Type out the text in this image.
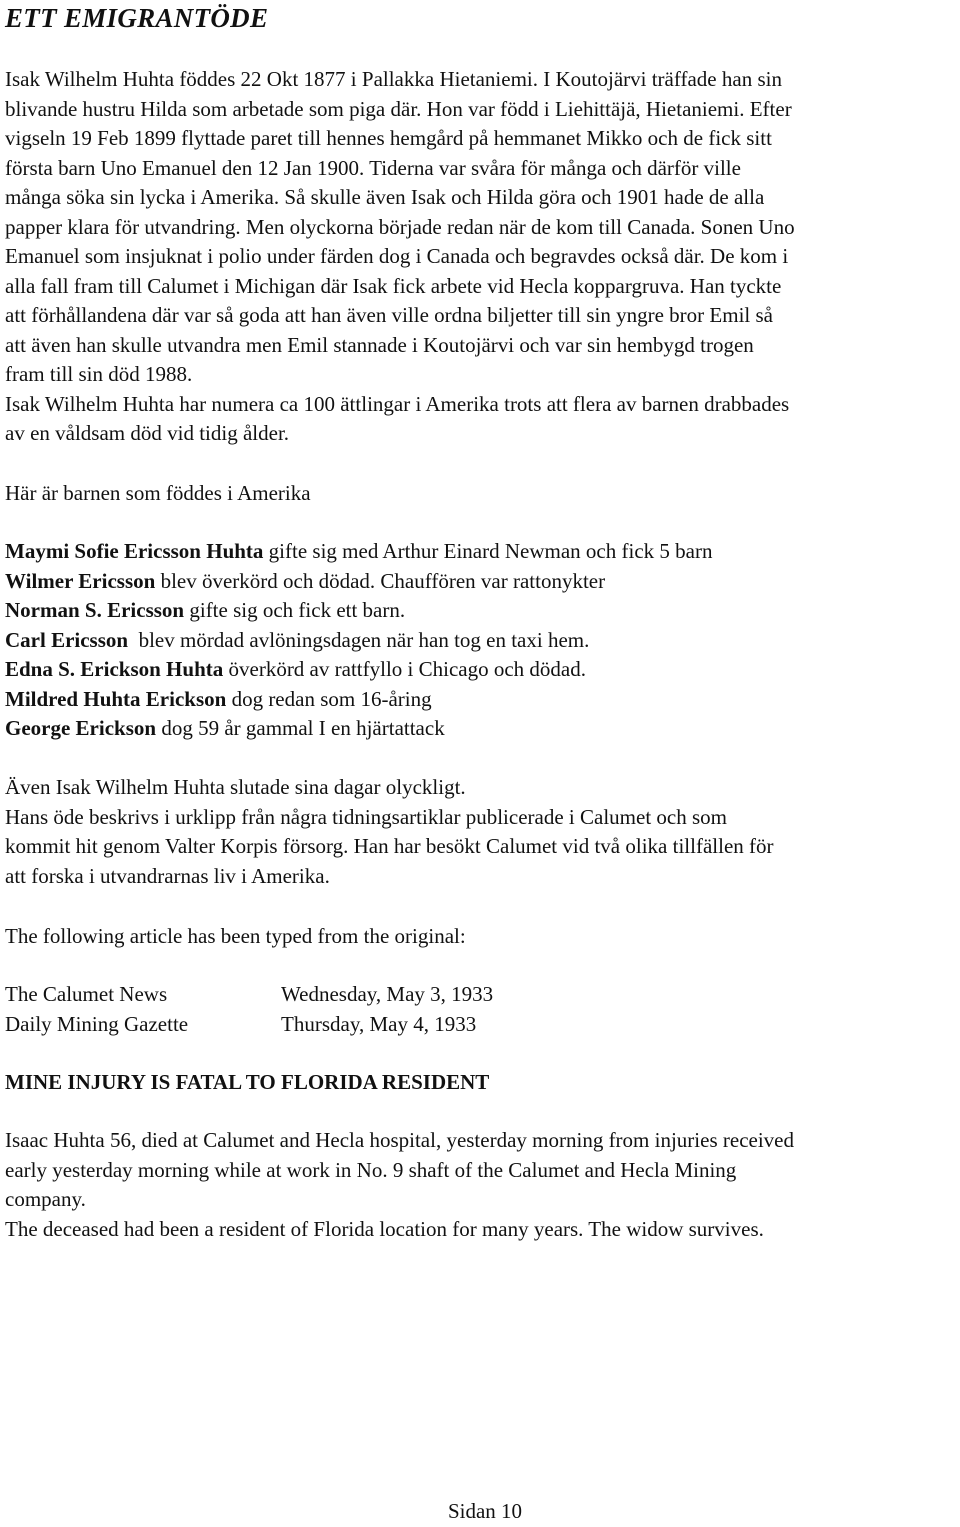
ETT EMIGRANTÖDE
Isak Wilhelm Huhta föddes 22 Okt 1877 i Pallakka Hietaniemi. I Koutojärvi träffade han sin
blivande hustru Hilda som arbetade som piga där. Hon var född i Liehittäjä, Hietaniemi. Efter
vigseln 19 Feb 1899 flyttade paret till hennes hemgård på hemmanet Mikko och de fick sitt
första barn Uno Emanuel den 12 Jan 1900. Tiderna var svåra för många och därför ville
många söka sin lycka i Amerika. Så skulle även Isak och Hilda göra och 1901 hade de alla
papper klara för utvandring. Men olyckorna började redan när de kom till Canada. Sonen Uno
Emanuel som insjuknat i polio under färden dog i Canada och begravdes också där. De kom i
alla fall fram till Calumet i Michigan där Isak fick arbete vid Hecla koppargruva. Han tyckte
att förhållandena där var så goda att han även ville ordna biljetter till sin yngre bror Emil så
att även han skulle utvandra men Emil stannade i Koutojärvi och var sin hembygd trogen
fram till sin död 1988.
Isak Wilhelm Huhta har numera ca 100 ättlingar i Amerika trots att flera av barnen drabbades
av en våldsam död vid tidig ålder.

Här är barnen som föddes i Amerika

Maymi Sofie Ericsson Huhta gifte sig med Arthur Einard Newman och fick 5 barn
Wilmer Ericsson blev överkörd och dödad. Chauffören var rattonykter
Norman S. Ericsson gifte sig och fick ett barn.
Carl Ericsson  blev mördad avlöningsdagen när han tog en taxi hem.
Edna S. Erickson Huhta överkörd av rattfyllo i Chicago och dödad.
Mildred Huhta Erickson dog redan som 16-åring
George Erickson dog 59 år gammal I en hjärtattack
Även Isak Wilhelm Huhta slutade sina dagar olyckligt.
Hans öde beskrivs i urklipp från några tidningsartiklar publicerade i Calumet och som
kommit hit genom Valter Korpis försorg. Han har besökt Calumet vid två olika tillfällen för
att forska i utvandrarnas liv i Amerika.

The following article has been typed from the original:

The Calumet News	Wednesday, May 3, 1933
Daily Mining Gazette	Thursday, May 4, 1933

MINE INJURY IS FATAL TO FLORIDA RESIDENT

Isaac Huhta 56, died at Calumet and Hecla hospital, yesterday morning from injuries received
early yesterday morning while at work in No. 9 shaft of the Calumet and Hecla Mining
company.
The deceased had been a resident of Florida location for many years. The widow survives.
Sidan 10
